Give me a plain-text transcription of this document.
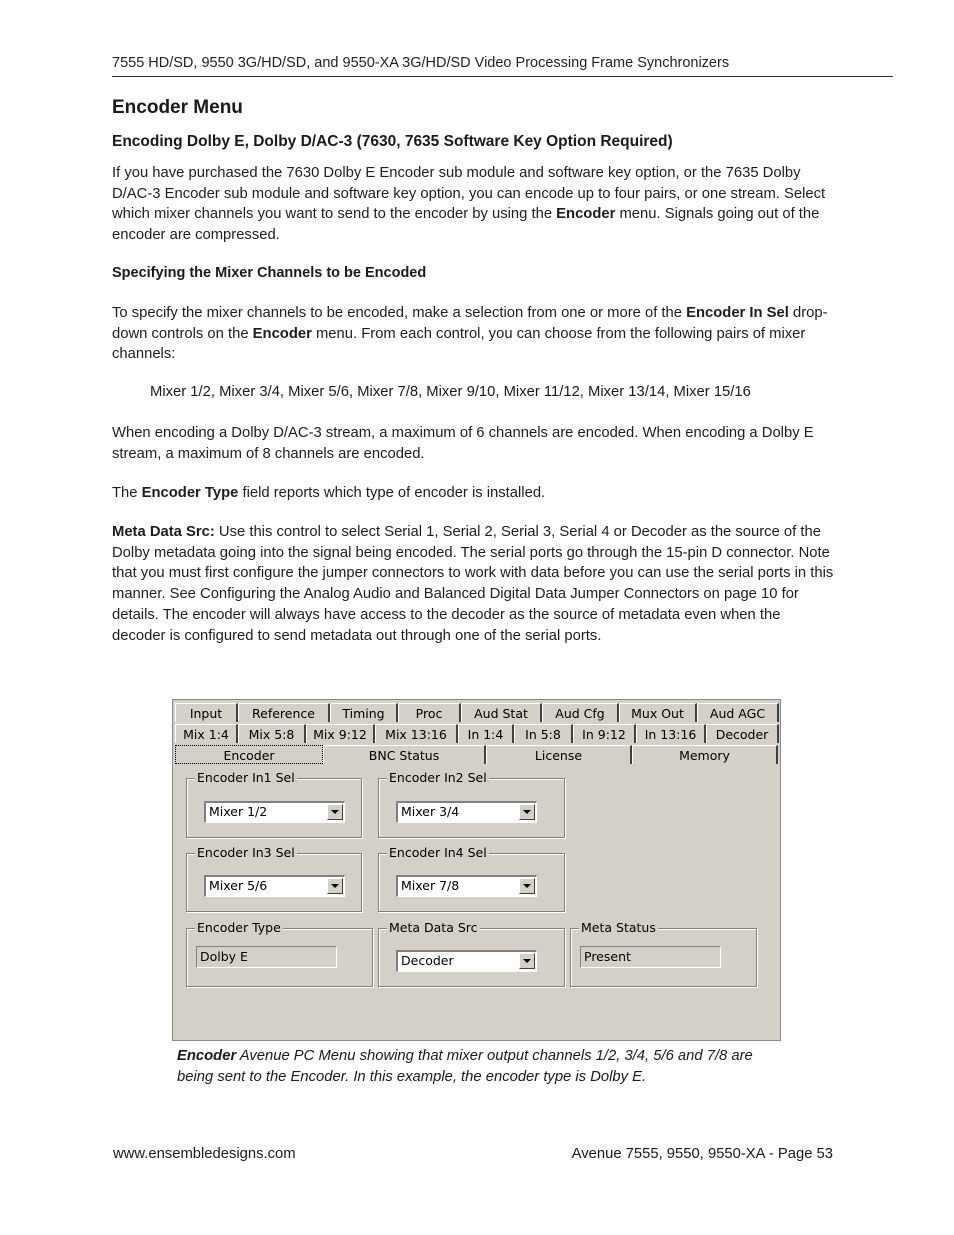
7555 HD/SD, 9550 3G/HD/SD, and 9550-XA 3G/HD/SD Video Processing Frame Synchronizers
Encoder Menu
Encoding Dolby E, Dolby D/AC-3 (7630, 7635 Software Key Option Required)
If you have purchased the 7630 Dolby E Encoder sub module and software key option, or the 7635 Dolby D/AC-3 Encoder sub module and software key option, you can encode up to four pairs, or one stream. Select which mixer channels you want to send to the encoder by using the Encoder menu. Signals going out of the encoder are compressed.
Specifying the Mixer Channels to be Encoded
To specify the mixer channels to be encoded, make a selection from one or more of the Encoder In Sel drop-down controls on the Encoder menu. From each control, you can choose from the following pairs of mixer channels:
Mixer 1/2, Mixer 3/4, Mixer 5/6, Mixer 7/8, Mixer 9/10, Mixer 11/12, Mixer 13/14, Mixer 15/16
When encoding a Dolby D/AC-3 stream, a maximum of 6 channels are encoded. When encoding a Dolby E stream, a maximum of 8 channels are encoded.
The Encoder Type field reports which type of encoder is installed.
Meta Data Src: Use this control to select Serial 1, Serial 2, Serial 3, Serial 4 or Decoder as the source of the Dolby metadata going into the signal being encoded. The serial ports go through the 15-pin D connector. Note that you must first configure the jumper connectors to work with data before you can use the serial ports in this manner. See Configuring the Analog Audio and Balanced Digital Data Jumper Connectors on page 10 for details. The encoder will always have access to the decoder as the source of metadata even when the decoder is configured to send metadata out through one of the serial ports.
Input	Reference	Timing	Proc	Aud Stat	Aud Cfg	Mux Out	Aud AGC
Mix 1:4	Mix 5:8	Mix 9:12	Mix 13:16	In 1:4	In 5:8	In 9:12	In 13:16	Decoder
Encoder	BNC Status	License	Memory
Encoder In1 Sel
Mixer 1/2
Encoder In2 Sel
Mixer 3/4
Encoder In3 Sel
Mixer 5/6
Encoder In4 Sel
Mixer 7/8
Encoder Type
Dolby E
Meta Data Src
Decoder
Meta Status
Present
Encoder Avenue PC Menu showing that mixer output channels 1/2, 3/4, 5/6 and 7/8 are being sent to the Encoder. In this example, the encoder type is Dolby E.
www.ensembledesigns.com	Avenue 7555, 9550, 9550-XA - Page 53
